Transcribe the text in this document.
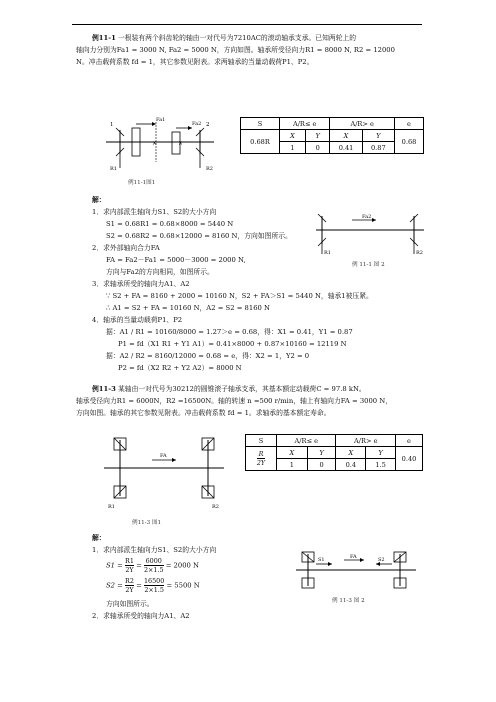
例11-1 一根装有两个斜齿轮的轴由一对代号为7210AC的滚动轴承支承。已知两轮上的
轴向力分别为Fa1 = 3000 N, Fa2 = 5000 N，方向如图。轴承所受径向力R1 = 8000 N, R2 = 12000
N。冲击载荷系数 fd = 1，其它参数见附表。求两轴承的当量动载荷P1、P2。
×	×
1	2
Fa1
Fa2
R1	R2
例11-1图1
S	A/R≤ e		A/R> e		e
0.68R	X	Y	X	Y	0.68
	1	0	0.41	0.87	
解：
1．求内部派生轴向力S1、S2的大小方向
S1 = 0.68R1 = 0.68×8000 = 5440 N
S2 = 0.68R2 = 0.68×12000 = 8160 N，方向如图所示。
2．求外部轴向合力FA
FA = Fa2－Fa1 = 5000－3000 = 2000 N,
方向与Fa2的方向相同，如图所示。
3．求轴承所受的轴向力A1、A2
∵ S2 + FA = 8160 + 2000 = 10160 N，S2 + FA＞S1 = 5440 N，轴承1被压紧。
∴ A1 = S2 + FA = 10160 N，A2 = S2 = 8160 N
4．轴承的当量动载荷P1、P2
据：A1 / R1 = 10160/8000 = 1.27＞e = 0.68，得：X1 = 0.41，Y1 = 0.87
P1 = fd（X1 R1 + Y1 A1）= 0.41×8000 + 0.87×10160 = 12119 N
据：A2 / R2 = 8160/12000 = 0.68 = e，得：X2 = 1，Y2 = 0
P2 = fd（X2 R2 + Y2 A2）= 8000 N
Fa2
R1	R2
例 11-1 图 2
例11-3 某轴由一对代号为30212的圆锥滚子轴承支承，其基本额定动载荷C = 97.8 kN。
轴承受径向力R1 = 6000N，R2 =16500N。轴的转速 n =500 r/min，轴上有轴向力FA = 3000 N，
方向如图。轴承的其它参数见附表。冲击载荷系数 fd = 1。求轴承的基本额定寿命。
FA
R1	R2
例11-3 图1
S	A/R≤ e		A/R> e		e

$\frac{R}{2Y}$	X	Y	X	Y	0.40
	1	0	0.4	1.5	
解：
1．求内部派生轴向力S1、S2的大小方向
$S1 = \frac{R1}{2Y} = \frac{6000}{2\times 1.5} = 2000$ N
$S2 = \frac{R2}{2Y} = \frac{16500}{2\times 1.5} = 5500$ N
方向如图所示。
2．求轴承所受的轴向力A1、A2
FA
S1	S2
例 11-3 图 2
